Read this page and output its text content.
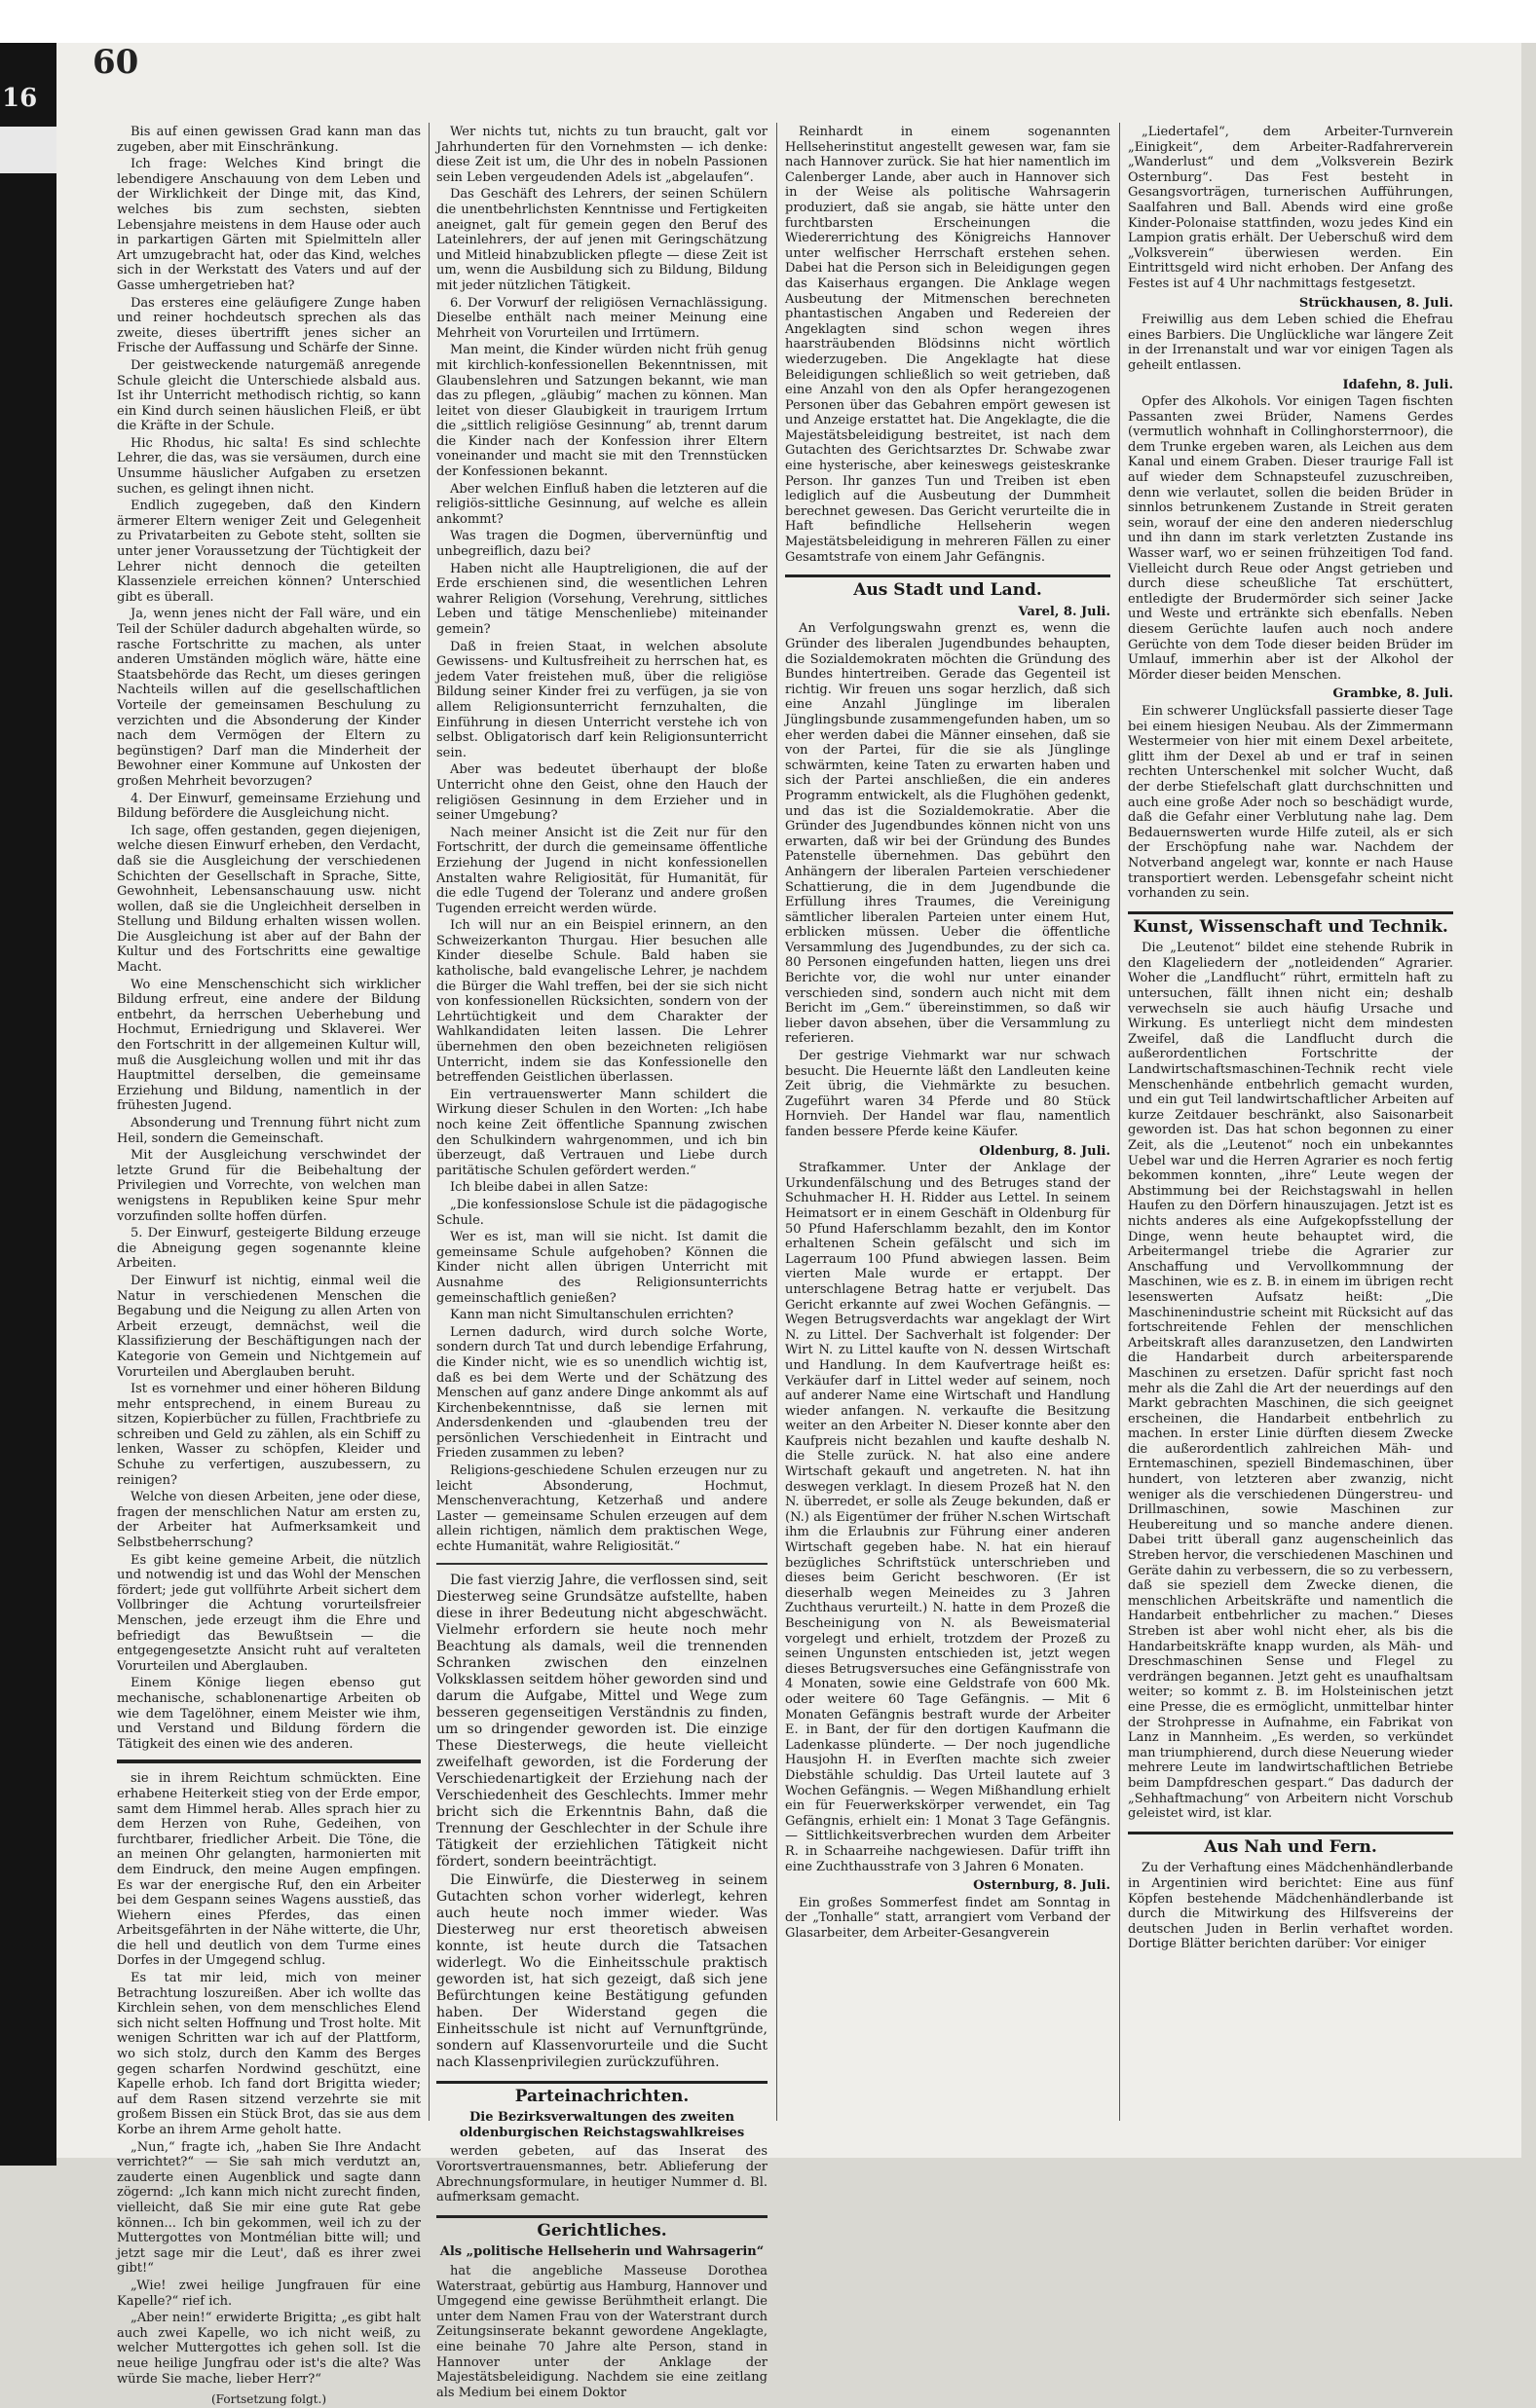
16
60

Bis auf einen gewissen Grad kann man das zugeben, aber mit Einschränkung.

Ich frage: Welches Kind bringt die lebendigere Anschauung von dem Leben und der Wirklichkeit der Dinge mit, das Kind, welches bis zum sechsten, siebten Lebensjahre meistens in dem Hause oder auch in parkartigen Gärten mit Spielmitteln aller Art umzugebracht hat, oder das Kind, welches sich in der Werkstatt des Vaters und auf der Gasse umhergetrieben hat?

Das ersteres eine geläufigere Zunge haben und reiner hochdeutsch sprechen als das zweite, dieses übertrifft jenes sicher an Frische der Auffassung und Schärfe der Sinne.

Der geistweckende naturgemäß anregende Schule gleicht die Unterschiede alsbald aus. Ist ihr Unterricht methodisch richtig, so kann ein Kind durch seinen häuslichen Fleiß, er übt die Kräfte in der Schule.

Hic Rhodus, hic salta! Es sind schlechte Lehrer, die das, was sie versäumen, durch eine Unsumme häuslicher Aufgaben zu ersetzen suchen, es gelingt ihnen nicht.

Endlich zugegeben, daß den Kindern ärmerer Eltern weniger Zeit und Gelegenheit zu Privatarbeiten zu Gebote steht, sollten sie unter jener Voraussetzung der Tüchtigkeit der Lehrer nicht dennoch die geteilten Klassenziele erreichen können? Unterschied gibt es überall.

Ja, wenn jenes nicht der Fall wäre, und ein Teil der Schüler dadurch abgehalten würde, so rasche Fortschritte zu machen, als unter anderen Umständen möglich wäre, hätte eine Staatsbehörde das Recht, um dieses geringen Nachteils willen auf die gesellschaftlichen Vorteile der gemeinsamen Beschulung zu verzichten und die Absonderung der Kinder nach dem Vermögen der Eltern zu begünstigen? Darf man die Minderheit der Bewohner einer Kommune auf Unkosten der großen Mehrheit bevorzugen?

4. Der Einwurf, gemeinsame Erziehung und Bildung befördere die Ausgleichung nicht.

Ich sage, offen gestanden, gegen diejenigen, welche diesen Einwurf erheben, den Verdacht, daß sie die Ausgleichung der verschiedenen Schichten der Gesellschaft in Sprache, Sitte, Gewohnheit, Lebensanschauung usw. nicht wollen, daß sie die Ungleichheit derselben in Stellung und Bildung erhalten wissen wollen. Die Ausgleichung ist aber auf der Bahn der Kultur und des Fortschritts eine gewaltige Macht.

Wo eine Menschenschicht sich wirklicher Bildung erfreut, eine andere der Bildung entbehrt, da herrschen Ueberhebung und Hochmut, Erniedrigung und Sklaverei. Wer den Fortschritt in der allgemeinen Kultur will, muß die Ausgleichung wollen und mit ihr das Hauptmittel derselben, die gemeinsame Erziehung und Bildung, namentlich in der frühesten Jugend.

Absonderung und Trennung führt nicht zum Heil, sondern die Gemeinschaft.

Mit der Ausgleichung verschwindet der letzte Grund für die Beibehaltung der Privilegien und Vorrechte, von welchen man wenigstens in Republiken keine Spur mehr vorzufinden sollte hoffen dürfen.

5. Der Einwurf, gesteigerte Bildung erzeuge die Abneigung gegen sogenannte kleine Arbeiten.

Der Einwurf ist nichtig, einmal weil die Natur in verschiedenen Menschen die Begabung und die Neigung zu allen Arten von Arbeit erzeugt, demnächst, weil die Klassifizierung der Beschäftigungen nach der Kategorie von Gemein und Nichtgemein auf Vorurteilen und Aberglauben beruht.

Ist es vornehmer und einer höheren Bildung mehr entsprechend, in einem Bureau zu sitzen, Kopierbücher zu füllen, Frachtbriefe zu schreiben und Geld zu zählen, als ein Schiff zu lenken, Wasser zu schöpfen, Kleider und Schuhe zu verfertigen, auszubessern, zu reinigen?

Welche von diesen Arbeiten, jene oder diese, fragen der menschlichen Natur am ersten zu, der Arbeiter hat Aufmerksamkeit und Selbstbeherrschung?

Es gibt keine gemeine Arbeit, die nützlich und notwendig ist und das Wohl der Menschen fördert; jede gut vollführte Arbeit sichert dem Vollbringer die Achtung vorurteilsfreier Menschen, jede erzeugt ihm die Ehre und befriedigt das Bewußtsein — die entgegengesetzte Ansicht ruht auf veralteten Vorurteilen und Aberglauben.

Einem Könige liegen ebenso gut mechanische, schablonenartige Arbeiten ob wie dem Tagelöhner, einem Meister wie ihm, und Verstand und Bildung fördern die Tätigkeit des einen wie des anderen.

sie in ihrem Reichtum schmückten. Eine erhabene Heiterkeit stieg von der Erde empor, samt dem Himmel herab. Alles sprach hier zu dem Herzen von Ruhe, Gedeihen, von furchtbarer, friedlicher Arbeit. Die Töne, die an meinen Ohr gelangten, harmonierten mit dem Eindruck, den meine Augen empfingen. Es war der energische Ruf, den ein Arbeiter bei dem Gespann seines Wagens ausstieß, das Wiehern eines Pferdes, das einen Arbeitsgefährten in der Nähe witterte, die Uhr, die hell und deutlich von dem Turme eines Dorfes in der Umgegend schlug.

Es tat mir leid, mich von meiner Betrachtung loszureißen. Aber ich wollte das Kirchlein sehen, von dem menschliches Elend sich nicht selten Hoffnung und Trost holte. Mit wenigen Schritten war ich auf der Plattform, wo sich stolz, durch den Kamm des Berges gegen scharfen Nordwind geschützt, eine Kapelle erhob. Ich fand dort Brigitta wieder; auf dem Rasen sitzend verzehrte sie mit großem Bissen ein Stück Brot, das sie aus dem Korbe an ihrem Arme geholt hatte.

„Nun,“ fragte ich, „haben Sie Ihre Andacht verrichtet?“ — Sie sah mich verdutzt an, zauderte einen Augenblick und sagte dann zögernd: „Ich kann mich nicht zurecht finden, vielleicht, daß Sie mir eine gute Rat gebe können... Ich bin gekommen, weil ich zu der Muttergottes von Montmélian bitte will; und jetzt sage mir die Leut', daß es ihrer zwei gibt!“

„Wie! zwei heilige Jungfrauen für eine Kapelle?“ rief ich.

„Aber nein!“ erwiderte Brigitta; „es gibt halt auch zwei Kapelle, wo ich nicht weiß, zu welcher Muttergottes ich gehen soll. Ist die neue heilige Jungfrau oder ist's die alte? Was würde Sie mache, lieber Herr?“

(Fortsetzung folgt.)

Wer nichts tut, nichts zu tun braucht, galt vor Jahrhunderten für den Vornehmsten — ich denke: diese Zeit ist um, die Uhr des in nobeln Passionen sein Leben vergeudenden Adels ist „abgelaufen“.

Das Geschäft des Lehrers, der seinen Schülern die unentbehrlichsten Kenntnisse und Fertigkeiten aneignet, galt für gemein gegen den Beruf des Lateinlehrers, der auf jenen mit Geringschätzung und Mitleid hinabzublicken pflegte — diese Zeit ist um, wenn die Ausbildung sich zu Bildung, Bildung mit jeder nützlichen Tätigkeit.

6. Der Vorwurf der religiösen Vernachlässigung. Dieselbe enthält nach meiner Meinung eine Mehrheit von Vorurteilen und Irrtümern.

Man meint, die Kinder würden nicht früh genug mit kirchlich-konfessionellen Bekenntnissen, mit Glaubenslehren und Satzungen bekannt, wie man das zu pflegen, „gläubig“ machen zu können. Man leitet von dieser Glaubigkeit in traurigem Irrtum die „sittlich religiöse Gesinnung“ ab, trennt darum die Kinder nach der Konfession ihrer Eltern voneinander und macht sie mit den Trennstücken der Konfessionen bekannt.

Aber welchen Einfluß haben die letzteren auf die religiös-sittliche Gesinnung, auf welche es allein ankommt?

Was tragen die Dogmen, übervernünftig und unbegreiflich, dazu bei?

Haben nicht alle Hauptreligionen, die auf der Erde erschienen sind, die wesentlichen Lehren wahrer Religion (Vorsehung, Verehrung, sittliches Leben und tätige Menschenliebe) miteinander gemein?

Daß in freien Staat, in welchen absolute Gewissens- und Kultusfreiheit zu herrschen hat, es jedem Vater freistehen muß, über die religiöse Bildung seiner Kinder frei zu verfügen, ja sie von allem Religionsunterricht fernzuhalten, die Einführung in diesen Unterricht verstehe ich von selbst. Obligatorisch darf kein Religionsunterricht sein.

Aber was bedeutet überhaupt der bloße Unterricht ohne den Geist, ohne den Hauch der religiösen Gesinnung in dem Erzieher und in seiner Umgebung?

Nach meiner Ansicht ist die Zeit nur für den Fortschritt, der durch die gemeinsame öffentliche Erziehung der Jugend in nicht konfessionellen Anstalten wahre Religiosität, für Humanität, für die edle Tugend der Toleranz und andere großen Tugenden erreicht werden würde.

Ich will nur an ein Beispiel erinnern, an den Schweizerkanton Thurgau. Hier besuchen alle Kinder dieselbe Schule. Bald haben sie katholische, bald evangelische Lehrer, je nachdem die Bürger die Wahl treffen, bei der sie sich nicht von konfessionellen Rücksichten, sondern von der Lehrtüchtigkeit und dem Charakter der Wahlkandidaten leiten lassen. Die Lehrer übernehmen den oben bezeichneten religiösen Unterricht, indem sie das Konfessionelle den betreffenden Geistlichen überlassen.

Ein vertrauenswerter Mann schildert die Wirkung dieser Schulen in den Worten: „Ich habe noch keine Zeit öffentliche Spannung zwischen den Schulkindern wahrgenommen, und ich bin überzeugt, daß Vertrauen und Liebe durch paritätische Schulen gefördert werden.“

Ich bleibe dabei in allen Satze:

„Die konfessionslose Schule ist die pädagogische Schule.

Wer es ist, man will sie nicht. Ist damit die gemeinsame Schule aufgehoben? Können die Kinder nicht allen übrigen Unterricht mit Ausnahme des Religionsunterrichts gemeinschaftlich genießen?

Kann man nicht Simultanschulen errichten?

Lernen dadurch, wird durch solche Worte, sondern durch Tat und durch lebendige Erfahrung, die Kinder nicht, wie es so unendlich wichtig ist, daß es bei dem Werte und der Schätzung des Menschen auf ganz andere Dinge ankommt als auf Kirchenbekenntnisse, daß sie lernen mit Andersdenkenden und -glaubenden treu der persönlichen Verschiedenheit in Eintracht und Frieden zusammen zu leben?

Religions-geschiedene Schulen erzeugen nur zu leicht Absonderung, Hochmut, Menschenverachtung, Ketzerhaß und andere Laster — gemeinsame Schulen erzeugen auf dem allein richtigen, nämlich dem praktischen Wege, echte Humanität, wahre Religiosität.“

Die fast vierzig Jahre, die verflossen sind, seit Diesterweg seine Grundsätze aufstellte, haben diese in ihrer Bedeutung nicht abgeschwächt. Vielmehr erfordern sie heute noch mehr Beachtung als damals, weil die trennenden Schranken zwischen den einzelnen Volksklassen seitdem höher geworden sind und darum die Aufgabe, Mittel und Wege zum besseren gegenseitigen Verständnis zu finden, um so dringender geworden ist. Die einzige These Diesterwegs, die heute vielleicht zweifelhaft geworden, ist die Forderung der Verschiedenartigkeit der Erziehung nach der Verschiedenheit des Geschlechts. Immer mehr bricht sich die Erkenntnis Bahn, daß die Trennung der Geschlechter in der Schule ihre Tätigkeit der erziehlichen Tätigkeit nicht fördert, sondern beeinträchtigt.

Die Einwürfe, die Diesterweg in seinem Gutachten schon vorher widerlegt, kehren auch heute noch immer wieder. Was Diesterweg nur erst theoretisch abweisen konnte, ist heute durch die Tatsachen widerlegt. Wo die Einheitsschule praktisch geworden ist, hat sich gezeigt, daß sich jene Befürchtungen keine Bestätigung gefunden haben. Der Widerstand gegen die Einheitsschule ist nicht auf Vernunftgründe, sondern auf Klassenvorurteile und die Sucht nach Klassenprivilegien zurückzuführen.

Parteinachrichten.

Die Bezirksverwaltungen des zweiten oldenburgischen Reichstagswahlkreises

werden gebeten, auf das Inserat des Vorortsvertrauensmannes, betr. Ablieferung der Abrechnungsformulare, in heutiger Nummer d. Bl. aufmerksam gemacht.

Gerichtliches.

Als „politische Hellseherin und Wahrsagerin“

hat die angebliche Masseuse Dorothea Waterstraat, gebürtig aus Hamburg, Hannover und Umgegend eine gewisse Berühmtheit erlangt. Die unter dem Namen Frau von der Waterstrant durch Zeitungsinserate bekannt gewordene Angeklagte, eine beinahe 70 Jahre alte Person, stand in Hannover unter der Anklage der Majestätsbeleidigung. Nachdem sie eine zeitlang als Medium bei einem Doktor

Reinhardt in einem sogenannten Hellseherinstitut angestellt gewesen war, fam sie nach Hannover zurück. Sie hat hier namentlich im Calenberger Lande, aber auch in Hannover sich in der Weise als politische Wahrsagerin produziert, daß sie angab, sie hätte unter den furchtbarsten Erscheinungen die Wiedererrichtung des Königreichs Hannover unter welfischer Herrschaft erstehen sehen. Dabei hat die Person sich in Beleidigungen gegen das Kaiserhaus ergangen. Die Anklage wegen Ausbeutung der Mitmenschen berechneten phantastischen Angaben und Redereien der Angeklagten sind schon wegen ihres haarsträubenden Blödsinns nicht wörtlich wiederzugeben. Die Angeklagte hat diese Beleidigungen schließlich so weit getrieben, daß eine Anzahl von den als Opfer herangezogenen Personen über das Gebahren empört gewesen ist und Anzeige erstattet hat. Die Angeklagte, die die Majestätsbeleidigung bestreitet, ist nach dem Gutachten des Gerichtsarztes Dr. Schwabe zwar eine hysterische, aber keineswegs geisteskranke Person. Ihr ganzes Tun und Treiben ist eben lediglich auf die Ausbeutung der Dummheit berechnet gewesen. Das Gericht verurteilte die in Haft befindliche Hellseherin wegen Majestätsbeleidigung in mehreren Fällen zu einer Gesamtstrafe von einem Jahr Gefängnis.

Aus Stadt und Land.

Varel, 8. Juli.

An Verfolgungswahn grenzt es, wenn die Gründer des liberalen Jugendbundes behaupten, die Sozialdemokraten möchten die Gründung des Bundes hintertreiben. Gerade das Gegenteil ist richtig. Wir freuen uns sogar herzlich, daß sich eine Anzahl Jünglinge im liberalen Jünglingsbunde zusammengefunden haben, um so eher werden dabei die Männer einsehen, daß sie von der Partei, für die sie als Jünglinge schwärmten, keine Taten zu erwarten haben und sich der Partei anschließen, die ein anderes Programm entwickelt, als die Flughöhen gedenkt, und das ist die Sozialdemokratie. Aber die Gründer des Jugendbundes können nicht von uns erwarten, daß wir bei der Gründung des Bundes Patenstelle übernehmen. Das gebührt den Anhängern der liberalen Parteien verschiedener Schattierung, die in dem Jugendbunde die Erfüllung ihres Traumes, die Vereinigung sämtlicher liberalen Parteien unter einem Hut, erblicken müssen. Ueber die öffentliche Versammlung des Jugendbundes, zu der sich ca. 80 Personen eingefunden hatten, liegen uns drei Berichte vor, die wohl nur unter einander verschieden sind, sondern auch nicht mit dem Bericht im „Gem.“ übereinstimmen, so daß wir lieber davon absehen, über die Versammlung zu referieren.

Der gestrige Viehmarkt war nur schwach besucht. Die Heuernte läßt den Landleuten keine Zeit übrig, die Viehmärkte zu besuchen. Zugeführt waren 34 Pferde und 80 Stück Hornvieh. Der Handel war flau, namentlich fanden bessere Pferde keine Käufer.

Oldenburg, 8. Juli.

Strafkammer. Unter der Anklage der Urkundenfälschung und des Betruges stand der Schuhmacher H. H. Ridder aus Lettel. In seinem Heimatsort er in einem Geschäft in Oldenburg für 50 Pfund Haferschlamm bezahlt, den im Kontor erhaltenen Schein gefälscht und sich im Lagerraum 100 Pfund abwiegen lassen. Beim vierten Male wurde er ertappt. Der unterschlagene Betrag hatte er verjubelt. Das Gericht erkannte auf zwei Wochen Gefängnis. — Wegen Betrugsverdachts war angeklagt der Wirt N. zu Littel. Der Sachverhalt ist folgender: Der Wirt N. zu Littel kaufte von N. dessen Wirtschaft und Handlung. In dem Kaufvertrage heißt es: Verkäufer darf in Littel weder auf seinem, noch auf anderer Name eine Wirtschaft und Handlung wieder anfangen. N. verkaufte die Besitzung weiter an den Arbeiter N. Dieser konnte aber den Kaufpreis nicht bezahlen und kaufte deshalb N. die Stelle zurück. N. hat also eine andere Wirtschaft gekauft und angetreten. N. hat ihn deswegen verklagt. In diesem Prozeß hat N. den N. überredet, er solle als Zeuge bekunden, daß er (N.) als Eigentümer der früher N.schen Wirtschaft ihm die Erlaubnis zur Führung einer anderen Wirtschaft gegeben habe. N. hat ein hierauf bezügliches Schriftstück unterschrieben und dieses beim Gericht beschworen. (Er ist dieserhalb wegen Meineides zu 3 Jahren Zuchthaus verurteilt.) N. hatte in dem Prozeß die Bescheinigung von N. als Beweismaterial vorgelegt und erhielt, trotzdem der Prozeß zu seinen Ungunsten entschieden ist, jetzt wegen dieses Betrugsversuches eine Gefängnisstrafe von 4 Monaten, sowie eine Geldstrafe von 600 Mk. oder weitere 60 Tage Gefängnis. — Mit 6 Monaten Gefängnis bestraft wurde der Arbeiter E. in Bant, der für den dortigen Kaufmann die Ladenkasse plünderte. — Der noch jugendliche Hausjohn H. in Everſten machte sich zweier Diebstähle schuldig. Das Urteil lautete auf 3 Wochen Gefängnis. — Wegen Mißhandlung erhielt ein für Feuerwerkskörper verwendet, ein Tag Gefängnis, erhielt ein: 1 Monat 3 Tage Gefängnis. — Sittlichkeitsverbrechen wurden dem Arbeiter R. in Schaarreihe nachgewiesen. Dafür trifft ihn eine Zuchthausstrafe von 3 Jahren 6 Monaten.

Osternburg, 8. Juli.

Ein großes Sommerfest findet am Sonntag in der „Tonhalle“ statt, arrangiert vom Verband der Glasarbeiter, dem Arbeiter-Gesangverein

„Liedertafel“, dem Arbeiter-Turnverein „Einigkeit“, dem Arbeiter-Radfahrerverein „Wanderlust“ und dem „Volksverein Bezirk Osternburg“. Das Fest besteht in Gesangsvorträgen, turnerischen Aufführungen, Saalfahren und Ball. Abends wird eine große Kinder-Polonaise stattfinden, wozu jedes Kind ein Lampion gratis erhält. Der Ueberschuß wird dem „Volksverein“ überwiesen werden. Ein Eintrittsgeld wird nicht erhoben. Der Anfang des Festes ist auf 4 Uhr nachmittags festgesetzt.

Strückhausen, 8. Juli.

Freiwillig aus dem Leben schied die Ehefrau eines Barbiers. Die Unglückliche war längere Zeit in der Irrenanstalt und war vor einigen Tagen als geheilt entlassen.

Idafehn, 8. Juli.

Opfer des Alkohols. Vor einigen Tagen fischten Passanten zwei Brüder, Namens Gerdes (vermutlich wohnhaft in Collinghorsterrnoor), die dem Trunke ergeben waren, als Leichen aus dem Kanal und einem Graben. Dieser traurige Fall ist auf wieder dem Schnapsteufel zuzuschreiben, denn wie verlautet, sollen die beiden Brüder in sinnlos betrunkenem Zustande in Streit geraten sein, worauf der eine den anderen niederschlug und ihn dann im stark verletzten Zustande ins Wasser warf, wo er seinen frühzeitigen Tod fand. Vielleicht durch Reue oder Angst getrieben und durch diese scheußliche Tat erschüttert, entledigte der Brudermörder sich seiner Jacke und Weste und ertränkte sich ebenfalls. Neben diesem Gerüchte laufen auch noch andere Gerüchte von dem Tode dieser beiden Brüder im Umlauf, immerhin aber ist der Alkohol der Mörder dieser beiden Menschen.

Grambke, 8. Juli.

Ein schwerer Unglücksfall passierte dieser Tage bei einem hiesigen Neubau. Als der Zimmermann Westermeier von hier mit einem Dexel arbeitete, glitt ihm der Dexel ab und er traf in seinen rechten Unterschenkel mit solcher Wucht, daß der derbe Stiefelschaft glatt durchschnitten und auch eine große Ader noch so beschädigt wurde, daß die Gefahr einer Verblutung nahe lag. Dem Bedauernswerten wurde Hilfe zuteil, als er sich der Erschöpfung nahe war. Nachdem der Notverband angelegt war, konnte er nach Hause transportiert werden. Lebensgefahr scheint nicht vorhanden zu sein.

Kunst, Wissenschaft und Technik.

Die „Leutenot“ bildet eine stehende Rubrik in den Klageliedern der „notleidenden“ Agrarier. Woher die „Landflucht“ rührt, ermitteln haft zu untersuchen, fällt ihnen nicht ein; deshalb verwechseln sie auch häufig Ursache und Wirkung. Es unterliegt nicht dem mindesten Zweifel, daß die Landflucht durch die außerordentlichen Fortschritte der Landwirtschaftsmaschinen-Technik recht viele Menschenhände entbehrlich gemacht wurden, und ein gut Teil landwirtschaftlicher Arbeiten auf kurze Zeitdauer beschränkt, also Saisonarbeit geworden ist. Das hat schon begonnen zu einer Zeit, als die „Leutenot“ noch ein unbekanntes Uebel war und die Herren Agrarier es noch fertig bekommen konnten, „ihre“ Leute wegen der Abstimmung bei der Reichstagswahl in hellen Haufen zu den Dörfern hinauszujagen. Jetzt ist es nichts anderes als eine Aufgekopfsstellung der Dinge, wenn heute behauptet wird, die Arbeitermangel triebe die Agrarier zur Anschaffung und Vervollkommnung der Maschinen, wie es z. B. in einem im übrigen recht lesenswerten Aufsatz heißt: „Die Maschinenindustrie scheint mit Rücksicht auf das fortschreitende Fehlen der menschlichen Arbeitskraft alles daranzusetzen, den Landwirten die Handarbeit durch arbeitersparende Maschinen zu ersetzen. Dafür spricht fast noch mehr als die Zahl die Art der neuerdings auf den Markt gebrachten Maschinen, die sich geeignet erscheinen, die Handarbeit entbehrlich zu machen. In erster Linie dürften diesem Zwecke die außerordentlich zahlreichen Mäh- und Erntemaschinen, speziell Bindemaschinen, über hundert, von letzteren aber zwanzig, nicht weniger als die verschiedenen Düngerstreu- und Drillmaschinen, sowie Maschinen zur Heubereitung und so manche andere dienen. Dabei tritt überall ganz augenscheinlich das Streben hervor, die verschiedenen Maschinen und Geräte dahin zu verbessern, die so zu verbessern, daß sie speziell dem Zwecke dienen, die menschlichen Arbeitskräfte und namentlich die Handarbeit entbehrlicher zu machen.“ Dieses Streben ist aber wohl nicht eher, als bis die Handarbeitskräfte knapp wurden, als Mäh- und Dreschmaschinen Sense und Flegel zu verdrängen begannen. Jetzt geht es unaufhaltsam weiter; so kommt z. B. im Holsteinischen jetzt eine Presse, die es ermöglicht, unmittelbar hinter der Strohpresse in Aufnahme, ein Fabrikat von Lanz in Mannheim. „Es werden, so verkündet man triumphierend, durch diese Neuerung wieder mehrere Leute im landwirtschaftlichen Betriebe beim Dampfdreschen gespart.“ Das dadurch der „Sehhaftmachung“ von Arbeitern nicht Vorschub geleistet wird, ist klar.

Aus Nah und Fern.

Zu der Verhaftung eines Mädchenhändlerbande in Argentinien wird berichtet: Eine aus fünf Köpfen bestehende Mädchenhändlerbande ist durch die Mitwirkung des Hilfsvereins der deutschen Juden in Berlin verhaftet worden. Dortige Blätter berichten darüber: Vor einiger
